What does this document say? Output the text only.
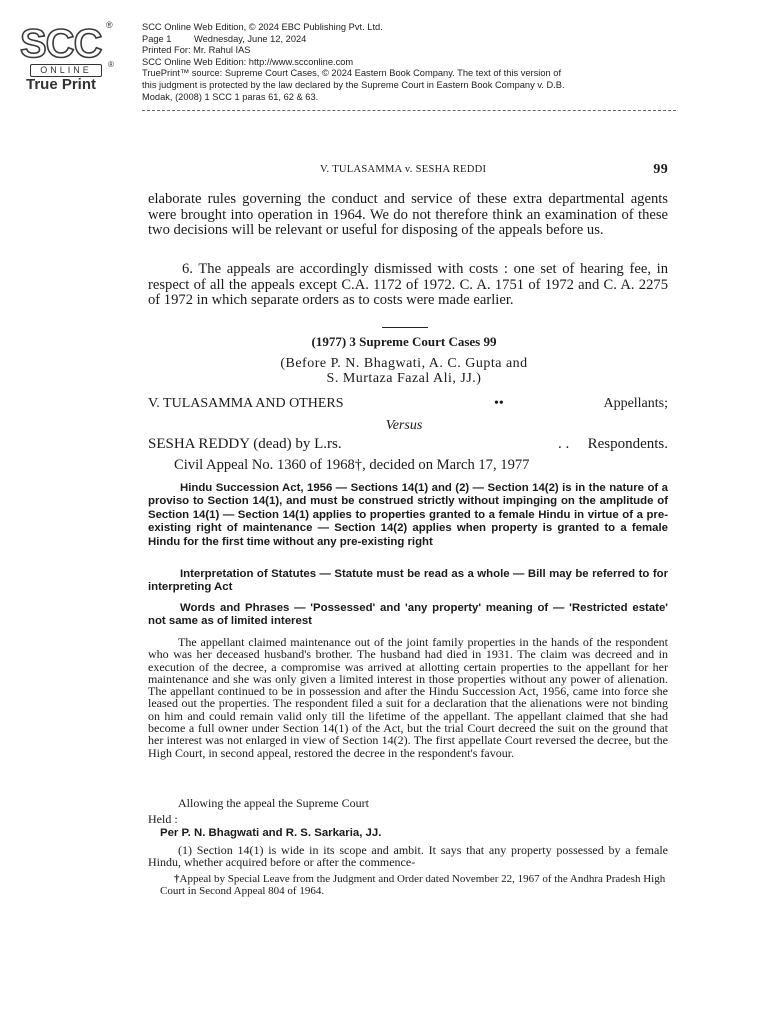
SCC ®
ONLINE
®
True Print
SCC Online Web Edition, © 2024 EBC Publishing Pvt. Ltd.
Page 1 Wednesday, June 12, 2024
Printed For: Mr. Rahul IAS
SCC Online Web Edition: http://www.scconline.com
TruePrint™ source: Supreme Court Cases, © 2024 Eastern Book Company. The text of this version of
this judgment is protected by the law declared by the Supreme Court in Eastern Book Company v. D.B.
Modak, (2008) 1 SCC 1 paras 61, 62 & 63.
V. TULASAMMA v. SESHA REDDI	99
elaborate rules governing the conduct and service of these extra departmental agents were brought into operation in 1964. We do not therefore think an examination of these two decisions will be relevant or useful for disposing of the appeals before us.
6. The appeals are accordingly dismissed with costs : one set of hearing fee, in respect of all the appeals except C.A. 1172 of 1972. C. A. 1751 of 1972 and C. A. 2275 of 1972 in which separate orders as to costs were made earlier.
(1977) 3 Supreme Court Cases 99
(Before P. N. Bhagwati, A. C. Gupta and
S. Murtaza Fazal Ali, JJ.)
V. TULASAMMA AND OTHERS	••	Appellants;
Versus
SESHA REDDY (dead) by L.rs.	. . Respondents.
Civil Appeal No. 1360 of 1968†, decided on March 17, 1977
Hindu Succession Act, 1956 — Sections 14(1) and (2) — Section 14(2) is in the nature of a proviso to Section 14(1), and must be construed strictly without impinging on the amplitude of Section 14(1) — Section 14(1) applies to properties granted to a female Hindu in virtue of a pre-existing right of maintenance — Section 14(2) applies when property is granted to a female Hindu for the first time without any pre-existing right
Interpretation of Statutes — Statute must be read as a whole — Bill may be referred to for interpreting Act
Words and Phrases — 'Possessed' and 'any property' meaning of — 'Restricted estate' not same as of limited interest
The appellant claimed maintenance out of the joint family properties in the hands of the respondent who was her deceased husband's brother. The husband had died in 1931. The claim was decreed and in execution of the decree, a compromise was arrived at allotting certain properties to the appellant for her maintenance and she was only given a limited interest in those properties without any power of alienation. The appellant continued to be in possession and after the Hindu Succession Act, 1956, came into force she leased out the properties. The respondent filed a suit for a declaration that the alienations were not binding on him and could remain valid only till the lifetime of the appellant. The appellant claimed that she had become a full owner under Section 14(1) of the Act, but the trial Court decreed the suit on the ground that her interest was not enlarged in view of Section 14(2). The first appellate Court reversed the decree, but the High Court, in second appeal, restored the decree in the respondent's favour.
Allowing the appeal the Supreme Court
Held :
Per P. N. Bhagwati and R. S. Sarkaria, JJ.
(1) Section 14(1) is wide in its scope and ambit. It says that any property possessed by a female Hindu, whether acquired before or after the commence-
†Appeal by Special Leave from the Judgment and Order dated November 22, 1967 of the Andhra Pradesh High Court in Second Appeal 804 of 1964.
